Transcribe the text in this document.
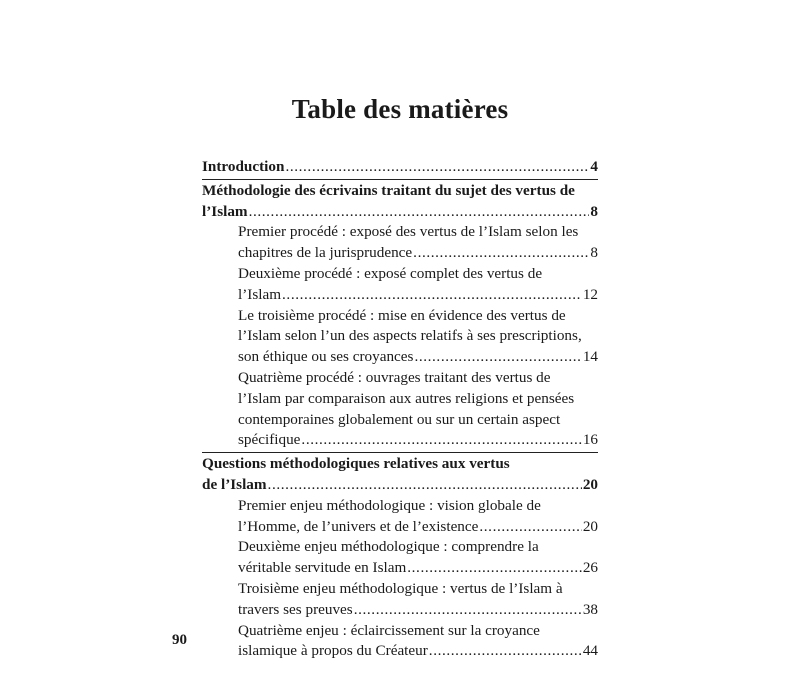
Table des matières
Introduction .....	4
Méthodologie des écrivains traitant du sujet des vertus de
l’Islam .....	8
Premier procédé : exposé des vertus de l’Islam selon les
chapitres de la jurisprudence .....	8
Deuxième procédé : exposé complet des vertus de
l’Islam .....	12
Le troisième procédé : mise en évidence des vertus de
l’Islam selon l’un des aspects relatifs à ses prescriptions,
son éthique ou ses croyances .....	14
Quatrième procédé : ouvrages traitant des vertus de
l’Islam par comparaison aux autres religions et pensées
contemporaines globalement ou sur un certain aspect
spécifique .....	16
Questions méthodologiques relatives aux vertus
de l’Islam .....	20
Premier enjeu méthodologique : vision globale de
l’Homme, de l’univers et de l’existence .....	20
Deuxième enjeu méthodologique : comprendre la
véritable servitude en Islam .....	26
Troisième enjeu méthodologique : vertus de l’Islam à
travers ses preuves .....	38
Quatrième enjeu : éclaircissement sur la croyance
islamique à propos du Créateur .....	44
90
